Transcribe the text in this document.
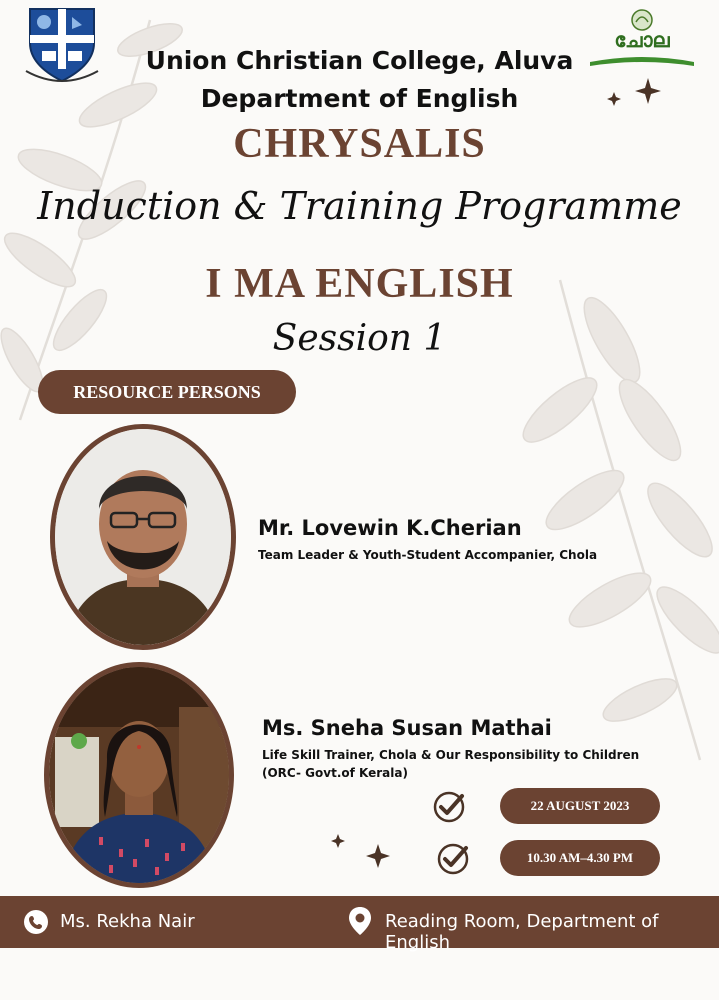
ചോല
Union Christian College, Aluva
Department of English
CHRYSALIS
Induction & Training Programme
I MA ENGLISH
Session 1
RESOURCE PERSONS
Mr. Lovewin K.Cherian
Team Leader & Youth-Student Accompanier, Chola
Ms. Sneha Susan Mathai
Life Skill Trainer, Chola & Our Responsibility to Children
(ORC- Govt.of Kerala)
22 AUGUST 2023
10.30 AM–4.30 PM
Ms. Rekha Nair	Reading Room, Department of English
